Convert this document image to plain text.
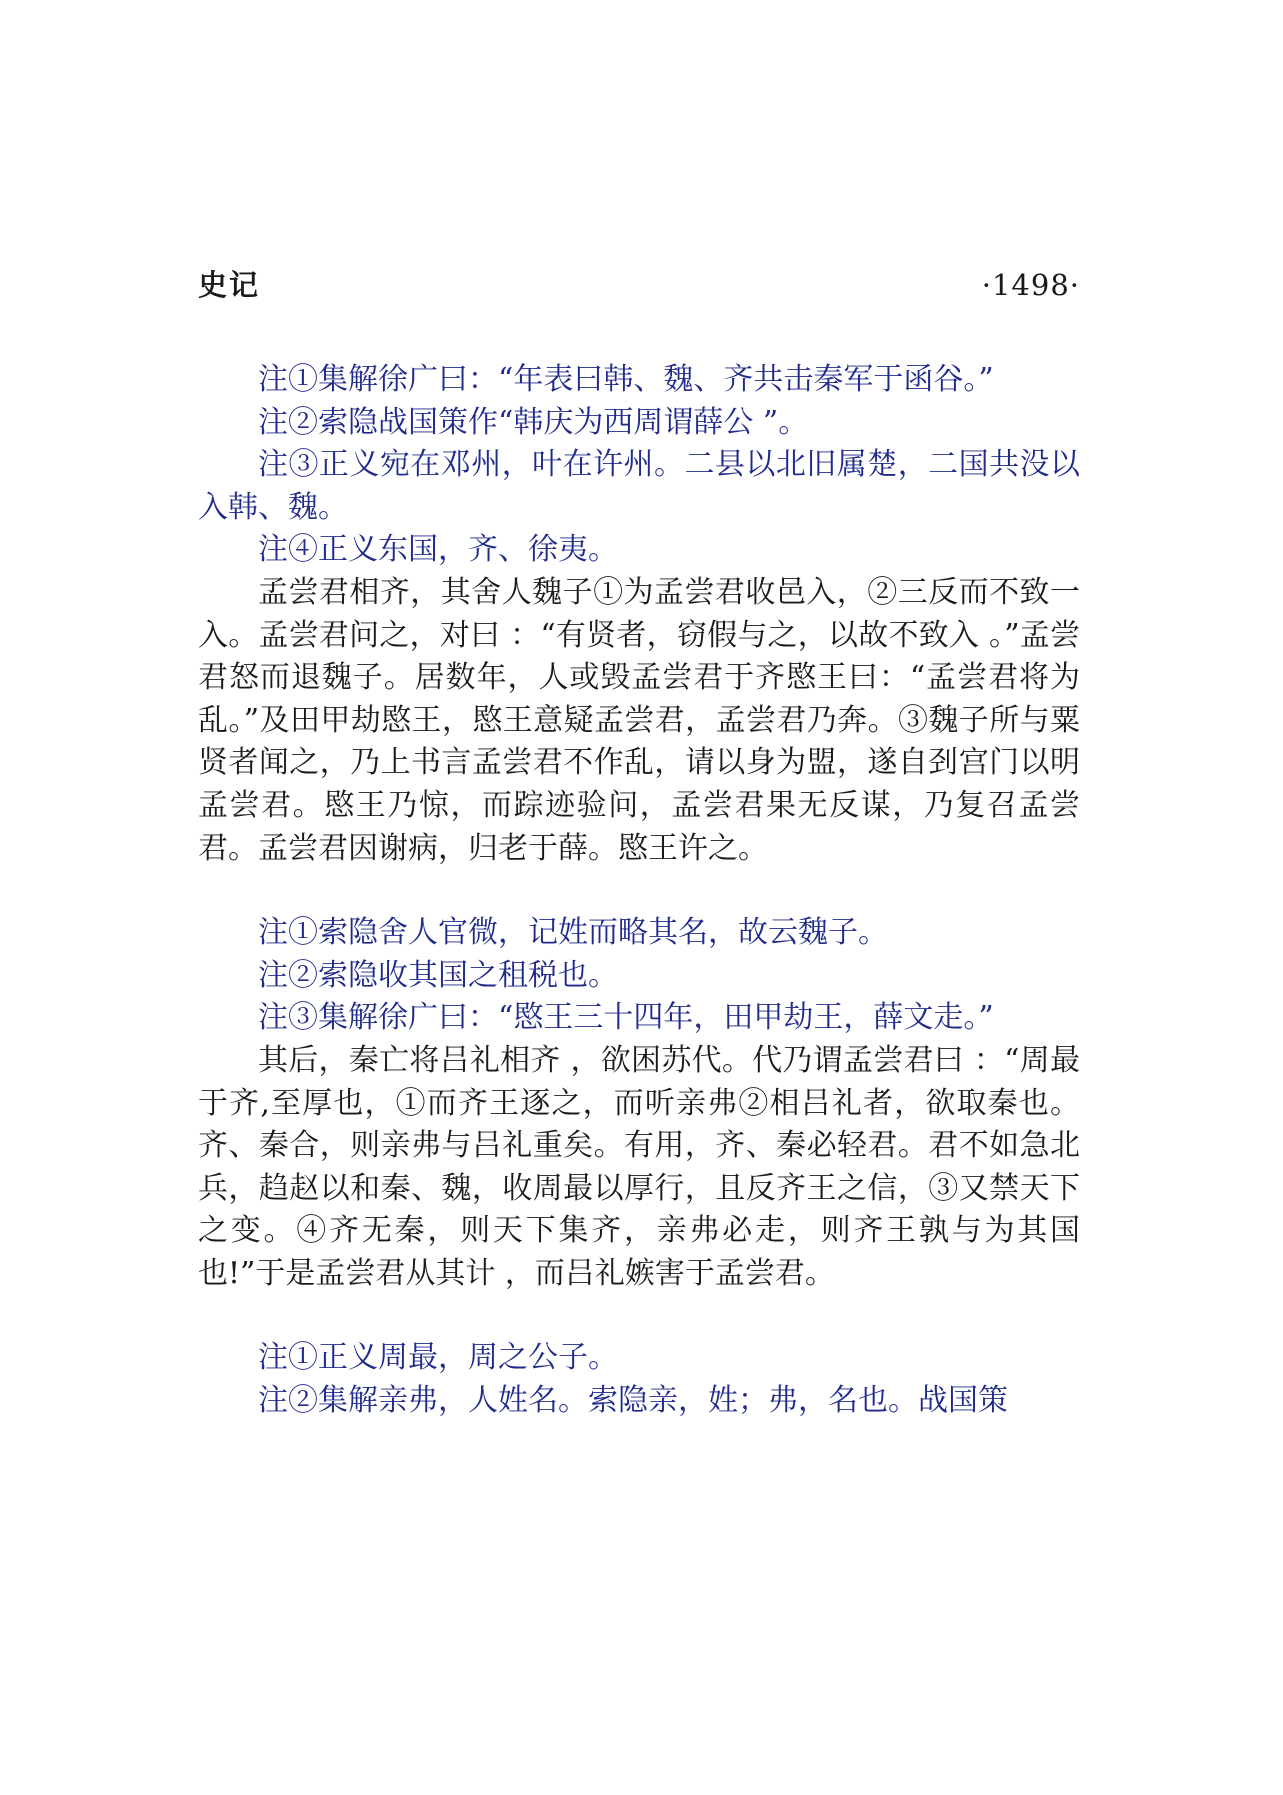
史记	·1498·

注①集解徐广曰：“年表曰韩、魏、齐共击秦军于函谷。”

注②索隐战国策作“韩庆为西周谓薛公 ”。

注③正义宛在邓州，叶在许州。二县以北旧属楚，二国共没以入韩、魏。

注④正义东国，齐、徐夷。

孟尝君相齐，其舍人魏子①为孟尝君收邑入，②三反而不致一入。孟尝君问之，对曰 ：“有贤者，窃假与之，以故不致入 。”孟尝君怒而退魏子。居数年，人或毁孟尝君于齐愍王曰：“孟尝君将为乱。”及田甲劫愍王，愍王意疑孟尝君，孟尝君乃奔。③魏子所与粟贤者闻之，乃上书言孟尝君不作乱，请以身为盟，遂自刭宫门以明孟尝君。愍王乃惊，而踪迹验问，孟尝君果无反谋，乃复召孟尝君。孟尝君因谢病，归老于薛。愍王许之。

注①索隐舍人官微，记姓而略其名，故云魏子。

注②索隐收其国之租税也。

注③集解徐广曰：“愍王三十四年，田甲劫王，薛文走。”

其后，秦亡将吕礼相齐 ，欲困苏代。代乃谓孟尝君曰 ：“周最于齐,至厚也，①而齐王逐之，而听亲弗②相吕礼者，欲取秦也。齐、秦合，则亲弗与吕礼重矣。有用，齐、秦必轻君。君不如急北兵，趋赵以和秦、魏，收周最以厚行，且反齐王之信，③又禁天下之变。④齐无秦，则天下集齐，亲弗必走，则齐王孰与为其国也!”于是孟尝君从其计 ，而吕礼嫉害于孟尝君。

注①正义周最，周之公子。

注②集解亲弗，人姓名。索隐亲，姓；弗，名也。战国策
